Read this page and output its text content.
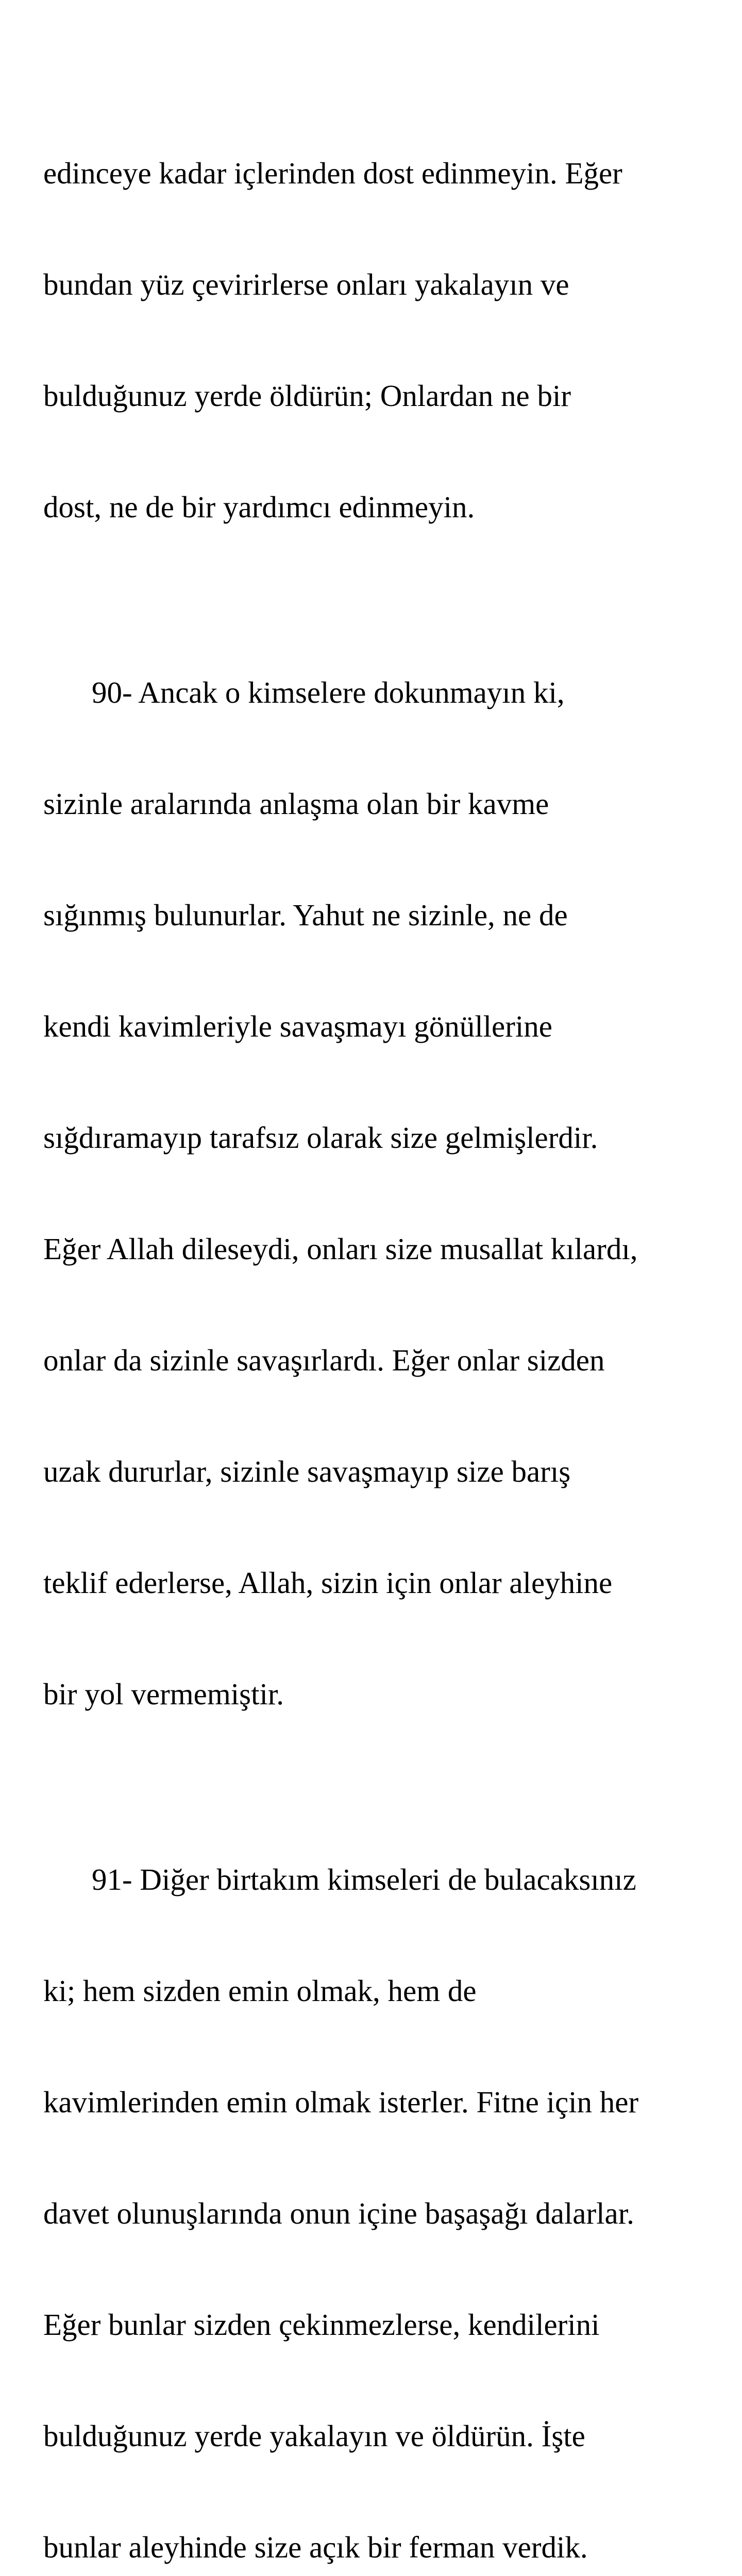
edinceye kadar içlerinden dost edinmeyin. Eğer

bundan yüz çevirirlerse onları yakalayın ve

bulduğunuz yerde öldürün; Onlardan ne bir

dost, ne de bir yardımcı edinmeyin.

90- Ancak o kimselere dokunmayın ki,

sizinle aralarında anlaşma olan bir kavme

sığınmış bulunurlar. Yahut ne sizinle, ne de

kendi kavimleriyle savaşmayı gönüllerine

sığdıramayıp tarafsız olarak size gelmişlerdir.

Eğer Allah dileseydi, onları size musallat kılardı,

onlar da sizinle savaşırlardı. Eğer onlar sizden

uzak dururlar, sizinle savaşmayıp size barış

teklif ederlerse, Allah, sizin için onlar aleyhine

bir yol vermemiştir.

91- Diğer birtakım kimseleri de bulacaksınız

ki; hem sizden emin olmak, hem de

kavimlerinden emin olmak isterler. Fitne için her

davet olunuşlarında onun içine başaşağı dalarlar.

Eğer bunlar sizden çekinmezlerse, kendilerini

bulduğunuz yerde yakalayın ve öldürün. İşte

bunlar aleyhinde size açık bir ferman verdik.
